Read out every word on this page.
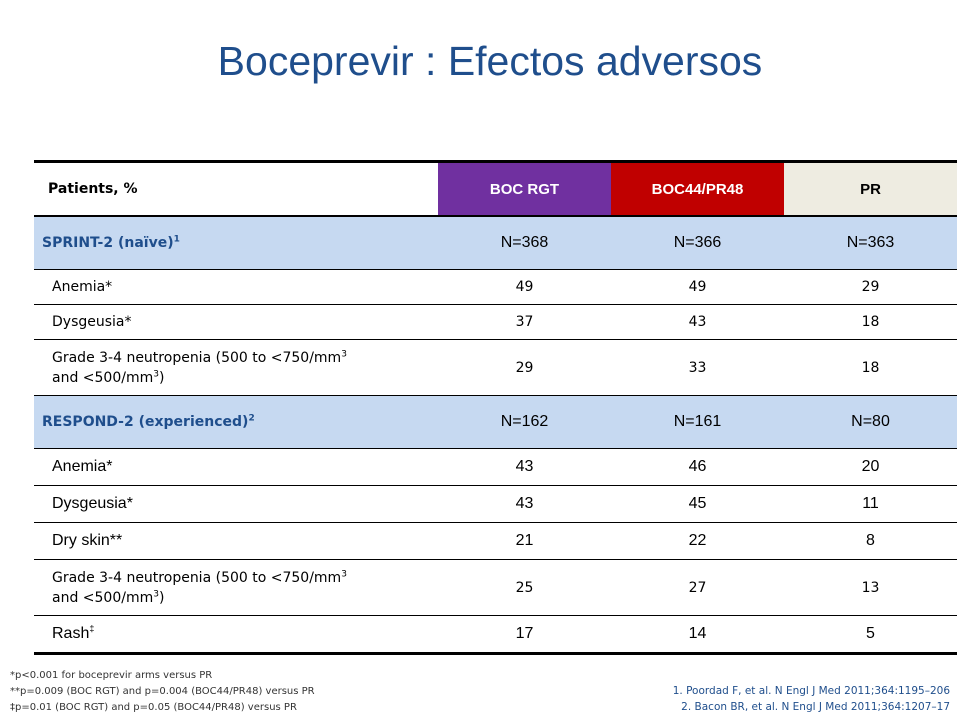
Boceprevir : Efectos adversos
Patients, %	BOC RGT	BOC44/PR48	PR
SPRINT-2 (naïve)$^1$	N=368	N=366	N=363
Anemia*	49	49	29
Dysgeusia*	37	43	18
Grade 3-4 neutropenia (500 to $<750/mm^3$
and $<500/mm^3$)	29	33	18
RESPOND-2 (experienced)$^2$	N=162	N=161	N=80
Anemia*	43	46	20
Dysgeusia*	43	45	11
Dry skin**	21	22	8
Grade 3-4 neutropenia (500 to $<750/mm^3$
and $<500/mm^3$)	25	27	13
Rash‡	17	14	5
*p<0.001 for boceprevir arms versus PR
**p=0.009 (BOC RGT) and p=0.004 (BOC44/PR48) versus PR
‡p=0.01 (BOC RGT) and p=0.05 (BOC44/PR48) versus PR
1. Poordad F, et al. N Engl J Med 2011;364:1195–206
2. Bacon BR, et al. N Engl J Med 2011;364:1207–17
